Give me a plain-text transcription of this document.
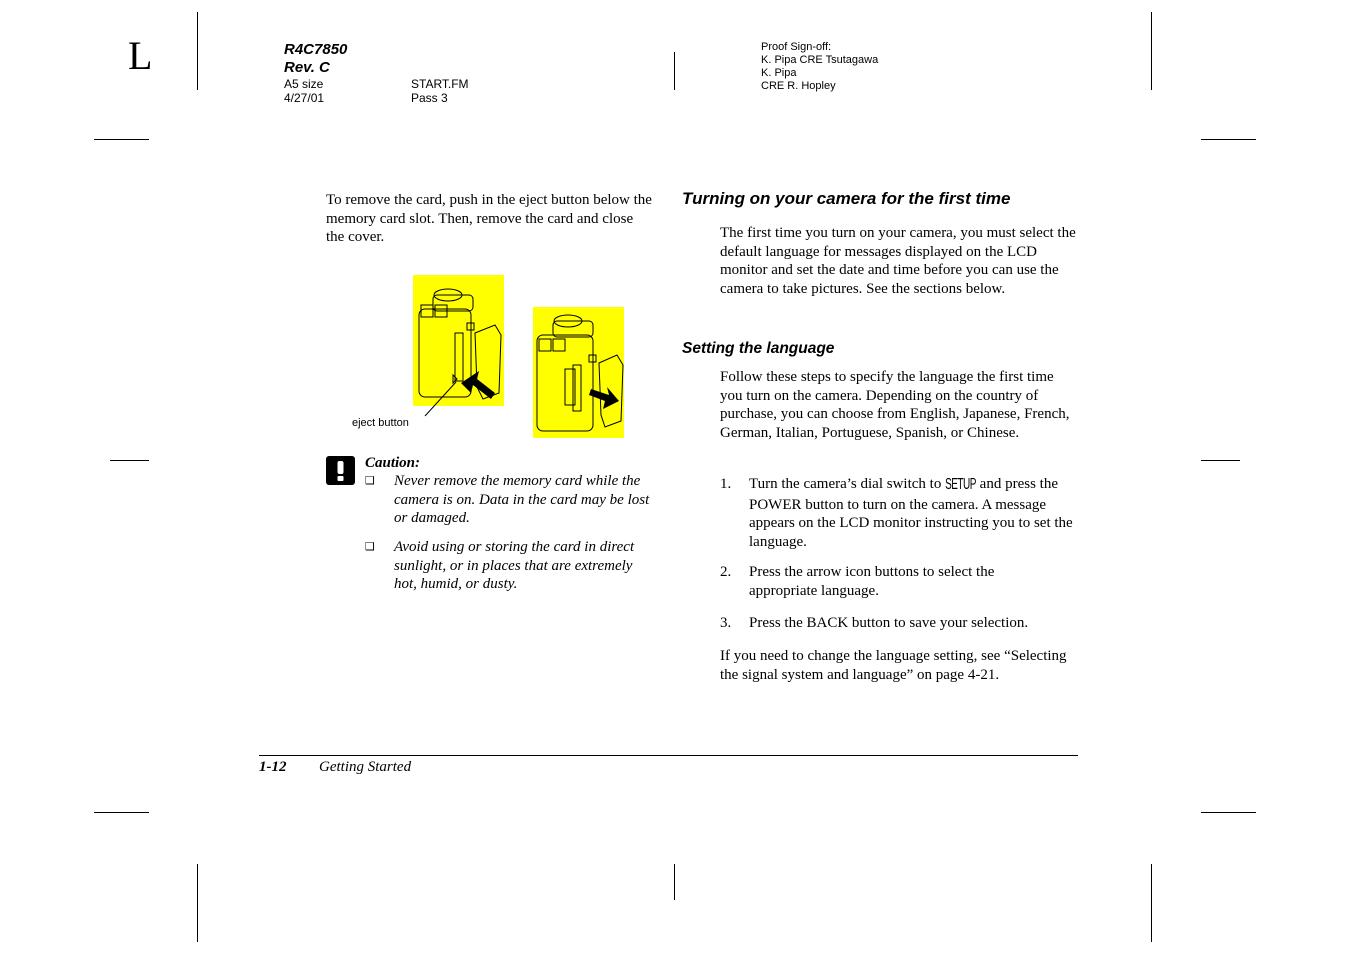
L	R4C7850
Rev. C
A5 size
4/27/01
START.FM
Pass 3
Proof Sign-off:
K. Pipa CRE Tsutagawa
K. Pipa
CRE R. Hopley
To remove the card, push in the eject button below the memory card slot. Then, remove the card and close the cover.
eject button
Caution:
❑ Never remove the memory card while the camera is on. Data in the card may be lost or damaged.
❑ Avoid using or storing the card in direct sunlight, or in places that are extremely hot, humid, or dusty.
Turning on your camera for the first time
The first time you turn on your camera, you must select the default language for messages displayed on the LCD monitor and set the date and time before you can use the camera to take pictures. See the sections below.
Setting the language
Follow these steps to specify the language the first time you turn on the camera. Depending on the country of purchase, you can choose from English, Japanese, French, German, Italian, Portuguese, Spanish, or Chinese.
1. Turn the camera’s dial switch to SETUP and press the POWER button to turn on the camera. A message appears on the LCD monitor instructing you to set the language.
2. Press the arrow icon buttons to select the appropriate language.
3. Press the BACK button to save your selection.
If you need to change the language setting, see “Selecting the signal system and language” on page 4-21.
1-12 Getting Started
